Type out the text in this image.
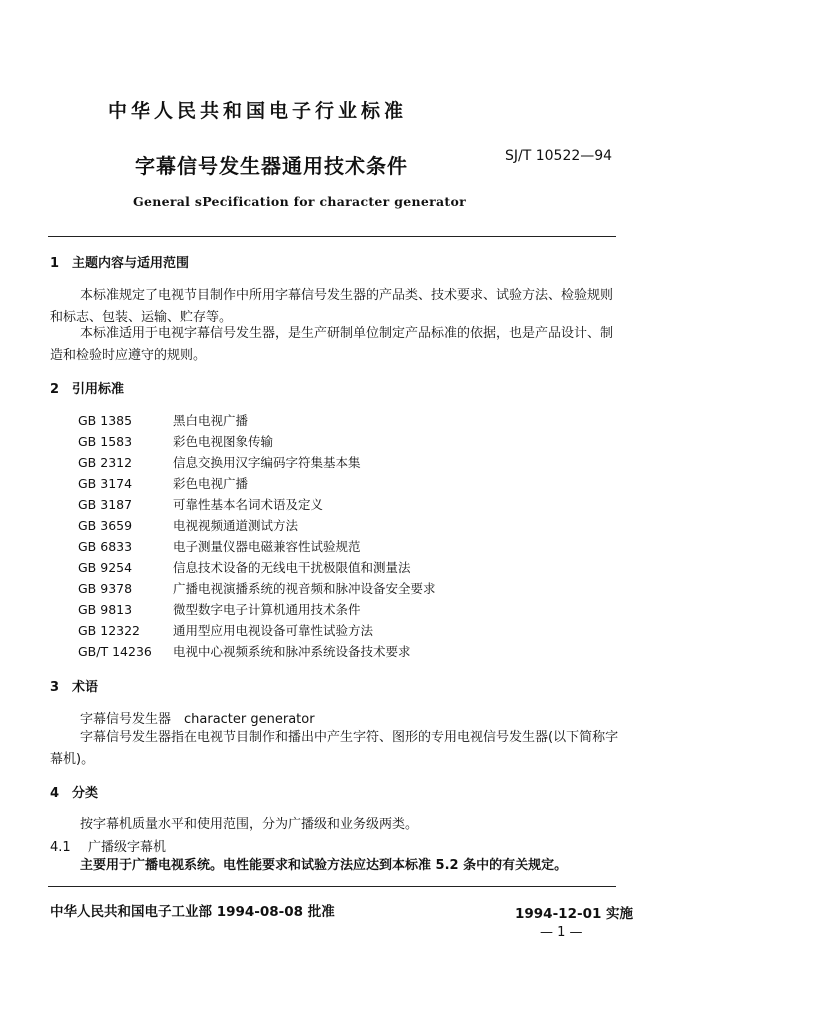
中华人民共和国电子行业标准
字幕信号发生器通用技术条件	SJ/T 10522—94
General sPecification for character generator
1 主题内容与适用范围
本标准规定了电视节目制作中所用字幕信号发生器的产品类、技术要求、试验方法、检验规则和标志、包装、运输、贮存等。
本标准适用于电视字幕信号发生器，是生产研制单位制定产品标准的依据，也是产品设计、制造和检验时应遵守的规则。
2 引用标准
GB 1385	黑白电视广播
GB 1583	彩色电视图象传输
GB 2312	信息交换用汉字编码字符集基本集
GB 3174	彩色电视广播
GB 3187	可靠性基本名词术语及定义
GB 3659	电视视频通道测试方法
GB 6833	电子测量仪器电磁兼容性试验规范
GB 9254	信息技术设备的无线电干扰极限值和测量法
GB 9378	广播电视演播系统的视音频和脉冲设备安全要求
GB 9813	微型数字电子计算机通用技术条件
GB 12322	通用型应用电视设备可靠性试验方法
GB/T 14236 电视中心视频系统和脉冲系统设备技术要求
3 术语
字幕信号发生器　character generator
字幕信号发生器指在电视节目制作和播出中产生字符、图形的专用电视信号发生器(以下简称字幕机)。
4 分类
按字幕机质量水平和使用范围，分为广播级和业务级两类。
4.1 广播级字幕机
主要用于广播电视系统。电性能要求和试验方法应达到本标准 5.2 条中的有关规定。
中华人民共和国电子工业部 1994-08-08 批准	1994-12-01 实施
— 1 —
